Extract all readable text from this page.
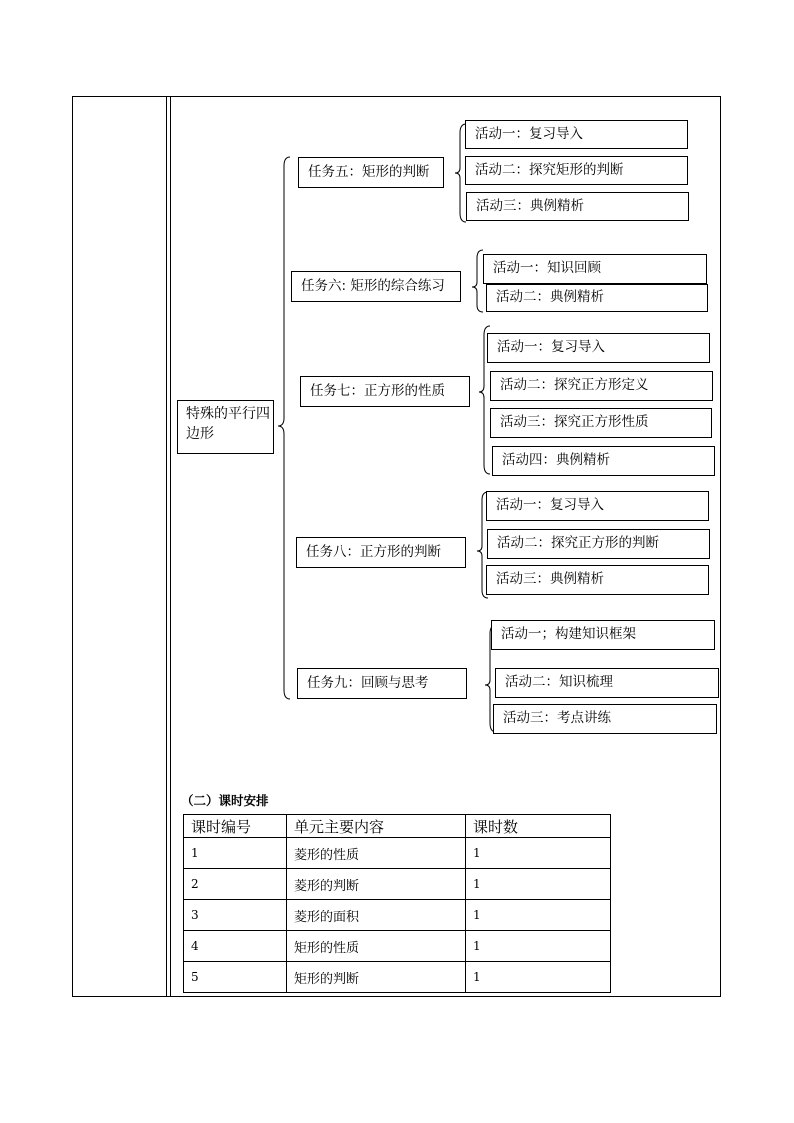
特殊的平行四边形
任务五：矩形的判断
活动一：复习导入
活动二：探究矩形的判断
活动三：典例精析
任务六: 矩形的综合练习
活动一：知识回顾
活动二：典例精析
任务七：正方形的性质
活动一：复习导入
活动二：探究正方形定义
活动三：探究正方形性质
活动四：典例精析
任务八：正方形的判断
活动一：复习导入
活动二：探究正方形的判断
活动三：典例精析
任务九：回顾与思考
活动一；构建知识框架
活动二：知识梳理
活动三：考点讲练
（二）课时安排
课时编号	单元主要内容	课时数
1	菱形的性质	1
2	菱形的判断	1
3	菱形的面积	1
4	矩形的性质	1
5	矩形的判断	1
